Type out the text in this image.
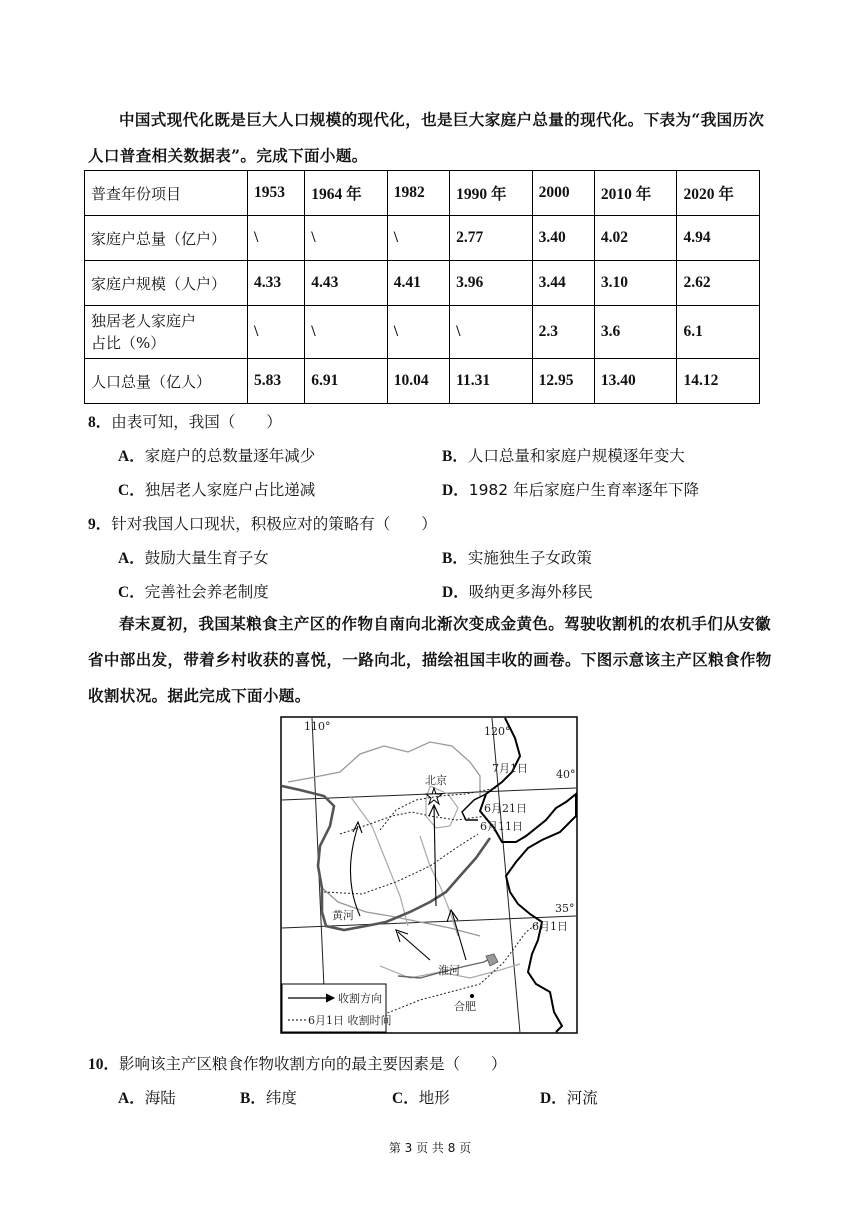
中国式现代化既是巨大人口规模的现代化，也是巨大家庭户总量的现代化。下表为“我国历次人口普查相关数据表”。完成下面小题。
普查年份项目	1953	1964 年	1982	1990 年	2000	2010 年	2020 年
家庭户总量（亿户）	\	\	\	2.77	3.40	4.02	4.94
家庭户规模（人户）	4.33	4.43	4.41	3.96	3.44	3.10	2.62
独居老人家庭户
占比（%）	\	\	\	\	2.3	3.6	6.1
人口总量（亿人）	5.83	6.91	10.04	11.31	12.95	13.40	14.12
8．由表可知，我国（　　）
A．家庭户的总数量逐年减少	B．人口总量和家庭户规模逐年变大
C．独居老人家庭户占比递减	D．1982 年后家庭户生育率逐年下降
9．针对我国人口现状，积极应对的策略有（　　）
A．鼓励大量生育子女	B．实施独生子女政策
C．完善社会养老制度	D．吸纳更多海外移民
春末夏初，我国某粮食主产区的作物自南向北渐次变成金黄色。驾驶收割机的农机手们从安徽省中部出发，带着乡村收获的喜悦，一路向北，描绘祖国丰收的画卷。下图示意该主产区粮食作物收割状况。据此完成下面小题。
110°	120°
40°
35°
北京
7月1日
6月21日
6月11日
6月1日
黄河
淮河
合肥
收割方向
6月1日 收割时间
10．影响该主产区粮食作物收割方向的最主要因素是（　　）
A．海陆	B．纬度	C．地形	D．河流
第 3 页 共 8 页
